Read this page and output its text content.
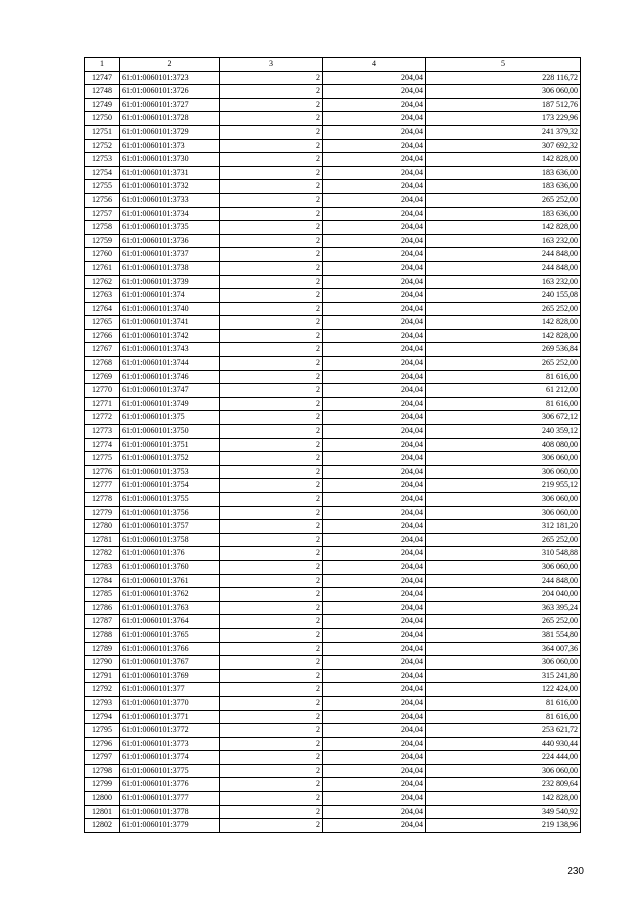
1	2	3	4	5
12747	61:01:0060101:3723	2	204,04	228 116,72
12748	61:01:0060101:3726	2	204,04	306 060,00
12749	61:01:0060101:3727	2	204,04	187 512,76
12750	61:01:0060101:3728	2	204,04	173 229,96
12751	61:01:0060101:3729	2	204,04	241 379,32
12752	61:01:0060101:373	2	204,04	307 692,32
12753	61:01:0060101:3730	2	204,04	142 828,00
12754	61:01:0060101:3731	2	204,04	183 636,00
12755	61:01:0060101:3732	2	204,04	183 636,00
12756	61:01:0060101:3733	2	204,04	265 252,00
12757	61:01:0060101:3734	2	204,04	183 636,00
12758	61:01:0060101:3735	2	204,04	142 828,00
12759	61:01:0060101:3736	2	204,04	163 232,00
12760	61:01:0060101:3737	2	204,04	244 848,00
12761	61:01:0060101:3738	2	204,04	244 848,00
12762	61:01:0060101:3739	2	204,04	163 232,00
12763	61:01:0060101:374	2	204,04	240 155,08
12764	61:01:0060101:3740	2	204,04	265 252,00
12765	61:01:0060101:3741	2	204,04	142 828,00
12766	61:01:0060101:3742	2	204,04	142 828,00
12767	61:01:0060101:3743	2	204,04	269 536,84
12768	61:01:0060101:3744	2	204,04	265 252,00
12769	61:01:0060101:3746	2	204,04	81 616,00
12770	61:01:0060101:3747	2	204,04	61 212,00
12771	61:01:0060101:3749	2	204,04	81 616,00
12772	61:01:0060101:375	2	204,04	306 672,12
12773	61:01:0060101:3750	2	204,04	240 359,12
12774	61:01:0060101:3751	2	204,04	408 080,00
12775	61:01:0060101:3752	2	204,04	306 060,00
12776	61:01:0060101:3753	2	204,04	306 060,00
12777	61:01:0060101:3754	2	204,04	219 955,12
12778	61:01:0060101:3755	2	204,04	306 060,00
12779	61:01:0060101:3756	2	204,04	306 060,00
12780	61:01:0060101:3757	2	204,04	312 181,20
12781	61:01:0060101:3758	2	204,04	265 252,00
12782	61:01:0060101:376	2	204,04	310 548,88
12783	61:01:0060101:3760	2	204,04	306 060,00
12784	61:01:0060101:3761	2	204,04	244 848,00
12785	61:01:0060101:3762	2	204,04	204 040,00
12786	61:01:0060101:3763	2	204,04	363 395,24
12787	61:01:0060101:3764	2	204,04	265 252,00
12788	61:01:0060101:3765	2	204,04	381 554,80
12789	61:01:0060101:3766	2	204,04	364 007,36
12790	61:01:0060101:3767	2	204,04	306 060,00
12791	61:01:0060101:3769	2	204,04	315 241,80
12792	61:01:0060101:377	2	204,04	122 424,00
12793	61:01:0060101:3770	2	204,04	81 616,00
12794	61:01:0060101:3771	2	204,04	81 616,00
12795	61:01:0060101:3772	2	204,04	253 621,72
12796	61:01:0060101:3773	2	204,04	440 930,44
12797	61:01:0060101:3774	2	204,04	224 444,00
12798	61:01:0060101:3775	2	204,04	306 060,00
12799	61:01:0060101:3776	2	204,04	232 809,64
12800	61:01:0060101:3777	2	204,04	142 828,00
12801	61:01:0060101:3778	2	204,04	349 540,92
12802	61:01:0060101:3779	2	204,04	219 138,96
230
